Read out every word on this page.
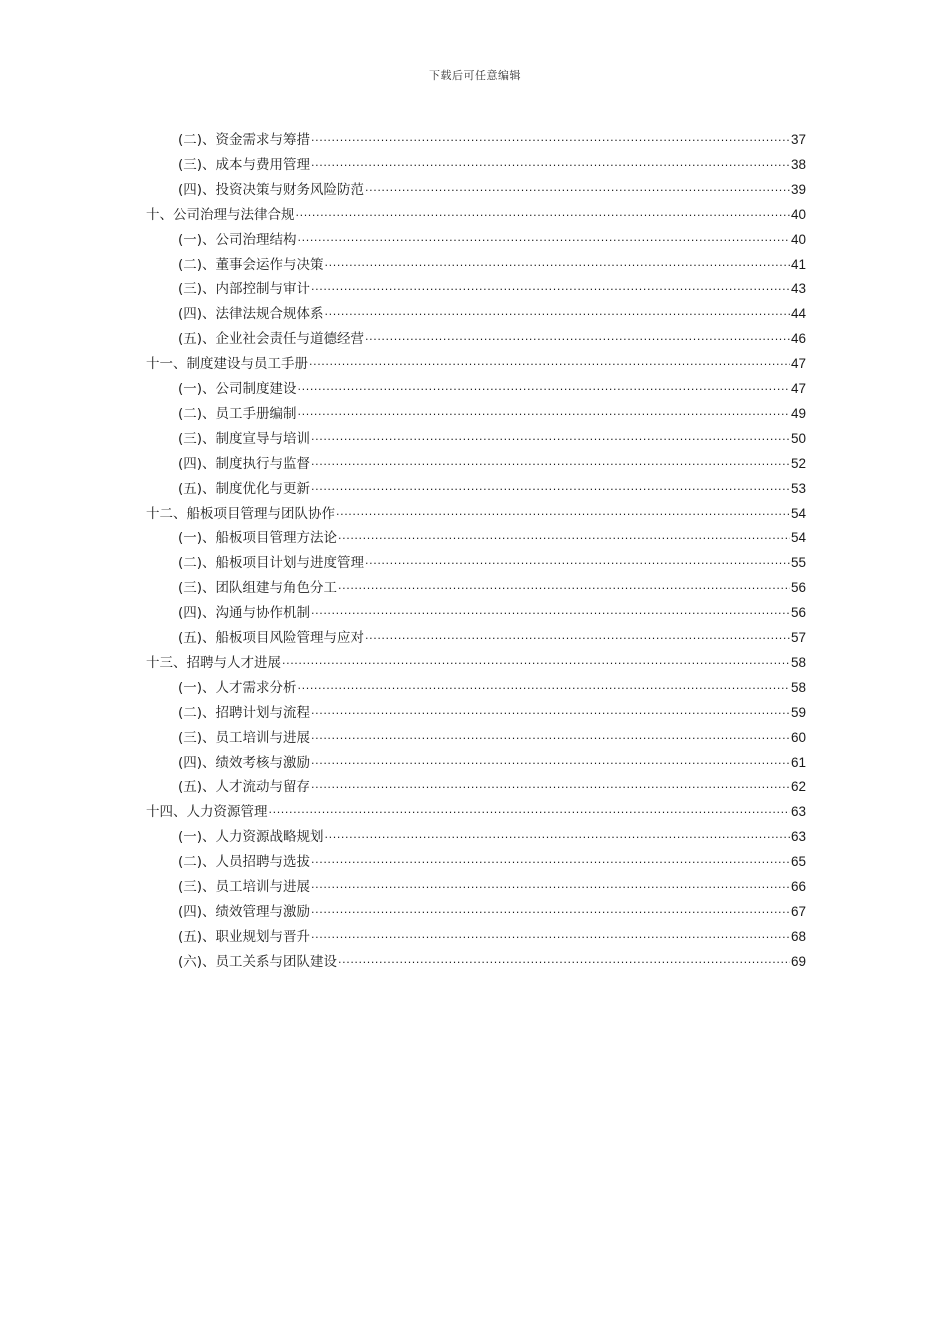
下载后可任意编辑
(二)、资金需求与筹措 .....	37
(三)、成本与费用管理 .....	38
(四)、投资决策与财务风险防范 .....	39
十、公司治理与法律合规 .....	40
(一)、公司治理结构 .....	40
(二)、董事会运作与决策 .....	41
(三)、内部控制与审计 .....	43
(四)、法律法规合规体系 .....	44
(五)、企业社会责任与道德经营 .....	46
十一、制度建设与员工手册 .....	47
(一)、公司制度建设 .....	47
(二)、员工手册编制 .....	49
(三)、制度宣导与培训 .....	50
(四)、制度执行与监督 .....	52
(五)、制度优化与更新 .....	53
十二、船板项目管理与团队协作 .....	54
(一)、船板项目管理方法论 .....	54
(二)、船板项目计划与进度管理 .....	55
(三)、团队组建与角色分工 .....	56
(四)、沟通与协作机制 .....	56
(五)、船板项目风险管理与应对 .....	57
十三、招聘与人才进展 .....	58
(一)、人才需求分析 .....	58
(二)、招聘计划与流程 .....	59
(三)、员工培训与进展 .....	60
(四)、绩效考核与激励 .....	61
(五)、人才流动与留存 .....	62
十四、人力资源管理 .....	63
(一)、人力资源战略规划 .....	63
(二)、人员招聘与选拔 .....	65
(三)、员工培训与进展 .....	66
(四)、绩效管理与激励 .....	67
(五)、职业规划与晋升 .....	68
(六)、员工关系与团队建设 .....	69
